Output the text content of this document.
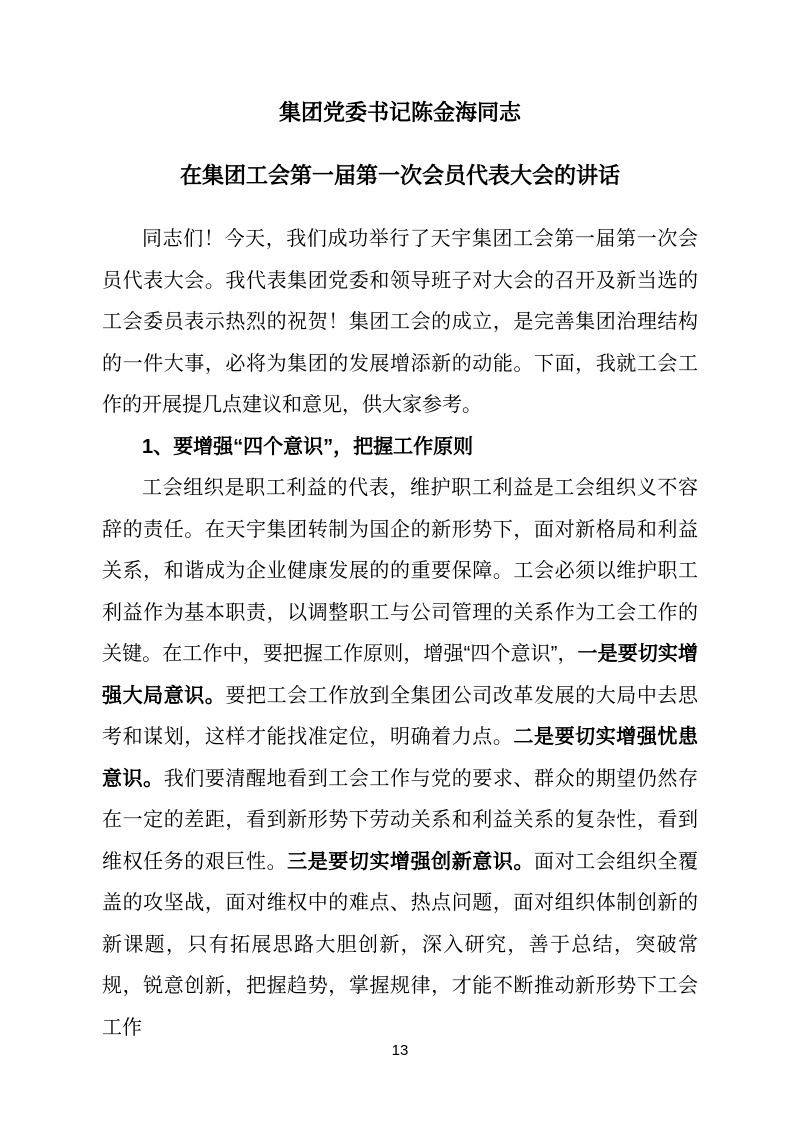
集团党委书记陈金海同志
在集团工会第一届第一次会员代表大会的讲话

同志们！今天，我们成功举行了天宇集团工会第一届第一次会员代表大会。我代表集团党委和领导班子对大会的召开及新当选的工会委员表示热烈的祝贺！集团工会的成立，是完善集团治理结构的一件大事，必将为集团的发展增添新的动能。下面，我就工会工作的开展提几点建议和意见，供大家参考。

1、要增强“四个意识”，把握工作原则

工会组织是职工利益的代表，维护职工利益是工会组织义不容辞的责任。在天宇集团转制为国企的新形势下，面对新格局和利益关系，和谐成为企业健康发展的的重要保障。工会必须以维护职工利益作为基本职责，以调整职工与公司管理的关系作为工会工作的关键。在工作中，要把握工作原则，增强“四个意识”，一是要切实增强大局意识。要把工会工作放到全集团公司改革发展的大局中去思考和谋划，这样才能找准定位，明确着力点。二是要切实增强忧患意识。我们要清醒地看到工会工作与党的要求、群众的期望仍然存在一定的差距，看到新形势下劳动关系和利益关系的复杂性，看到维权任务的艰巨性。三是要切实增强创新意识。面对工会组织全覆盖的攻坚战，面对维权中的难点、热点问题，面对组织体制创新的新课题，只有拓展思路大胆创新，深入研究，善于总结，突破常规，锐意创新，把握趋势，掌握规律，才能不断推动新形势下工会工作

13
